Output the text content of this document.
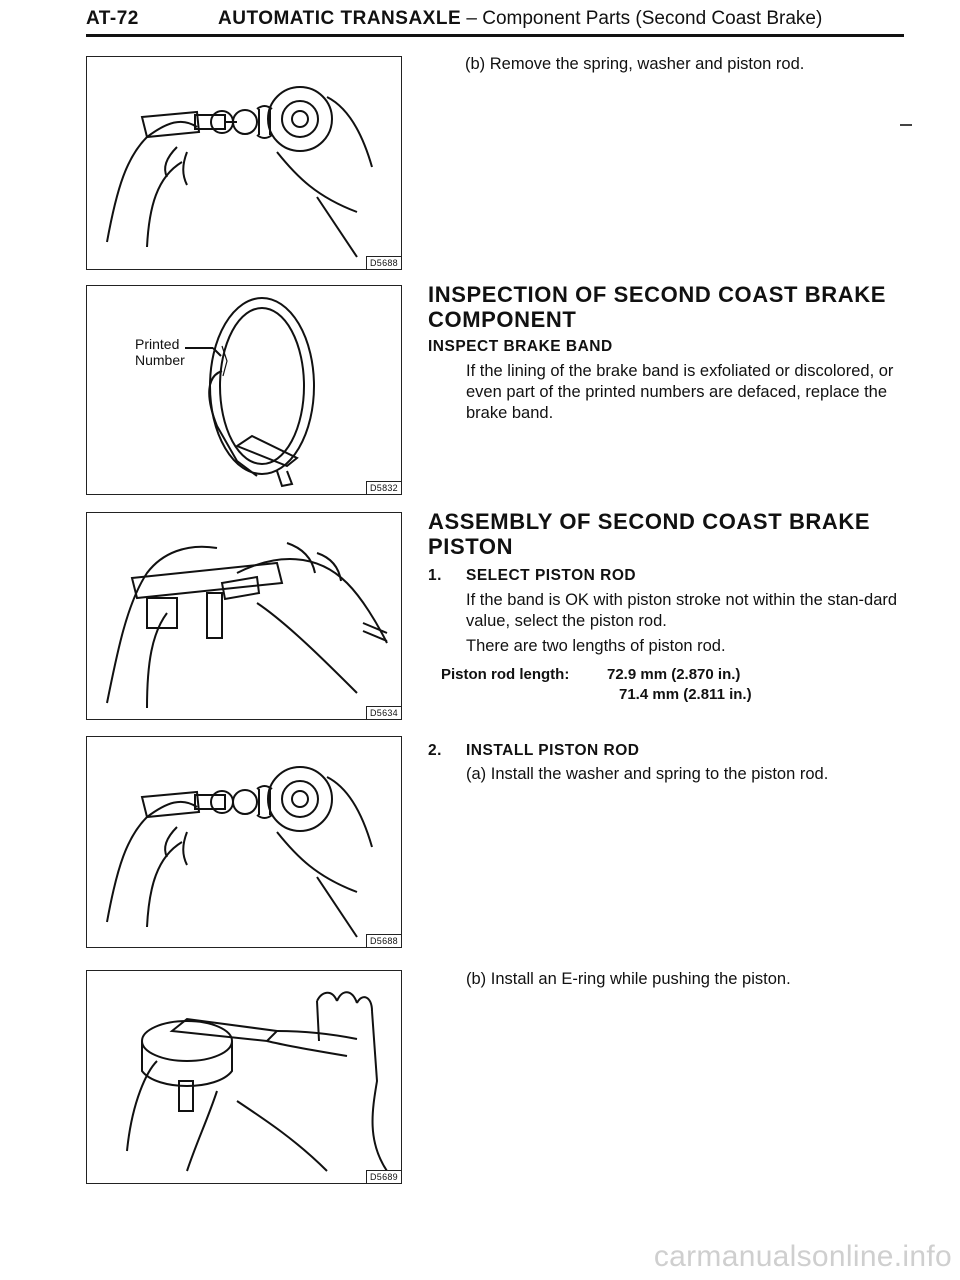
AT-72	AUTOMATIC TRANSAXLE – Component Parts (Second Coast Brake)
D5688
Printed
Number
D5832
D5634
D5688
D5689
(b) Remove the spring, washer and piston rod.
INSPECTION OF SECOND COAST BRAKE COMPONENT
INSPECT BRAKE BAND
If the lining of the brake band is exfoliated or discolored, or even part of the printed numbers are defaced, replace the brake band.
ASSEMBLY OF SECOND COAST BRAKE PISTON
1. SELECT PISTON ROD
If the band is OK with piston stroke not within the stan-dard value, select the piston rod.
There are two lengths of piston rod.
Piston rod length:	72.9 mm (2.870 in.)
71.4 mm (2.811 in.)
2. INSTALL PISTON ROD
(a) Install the washer and spring to the piston rod.
(b) Install an E-ring while pushing the piston.
carmanualsonline.info
